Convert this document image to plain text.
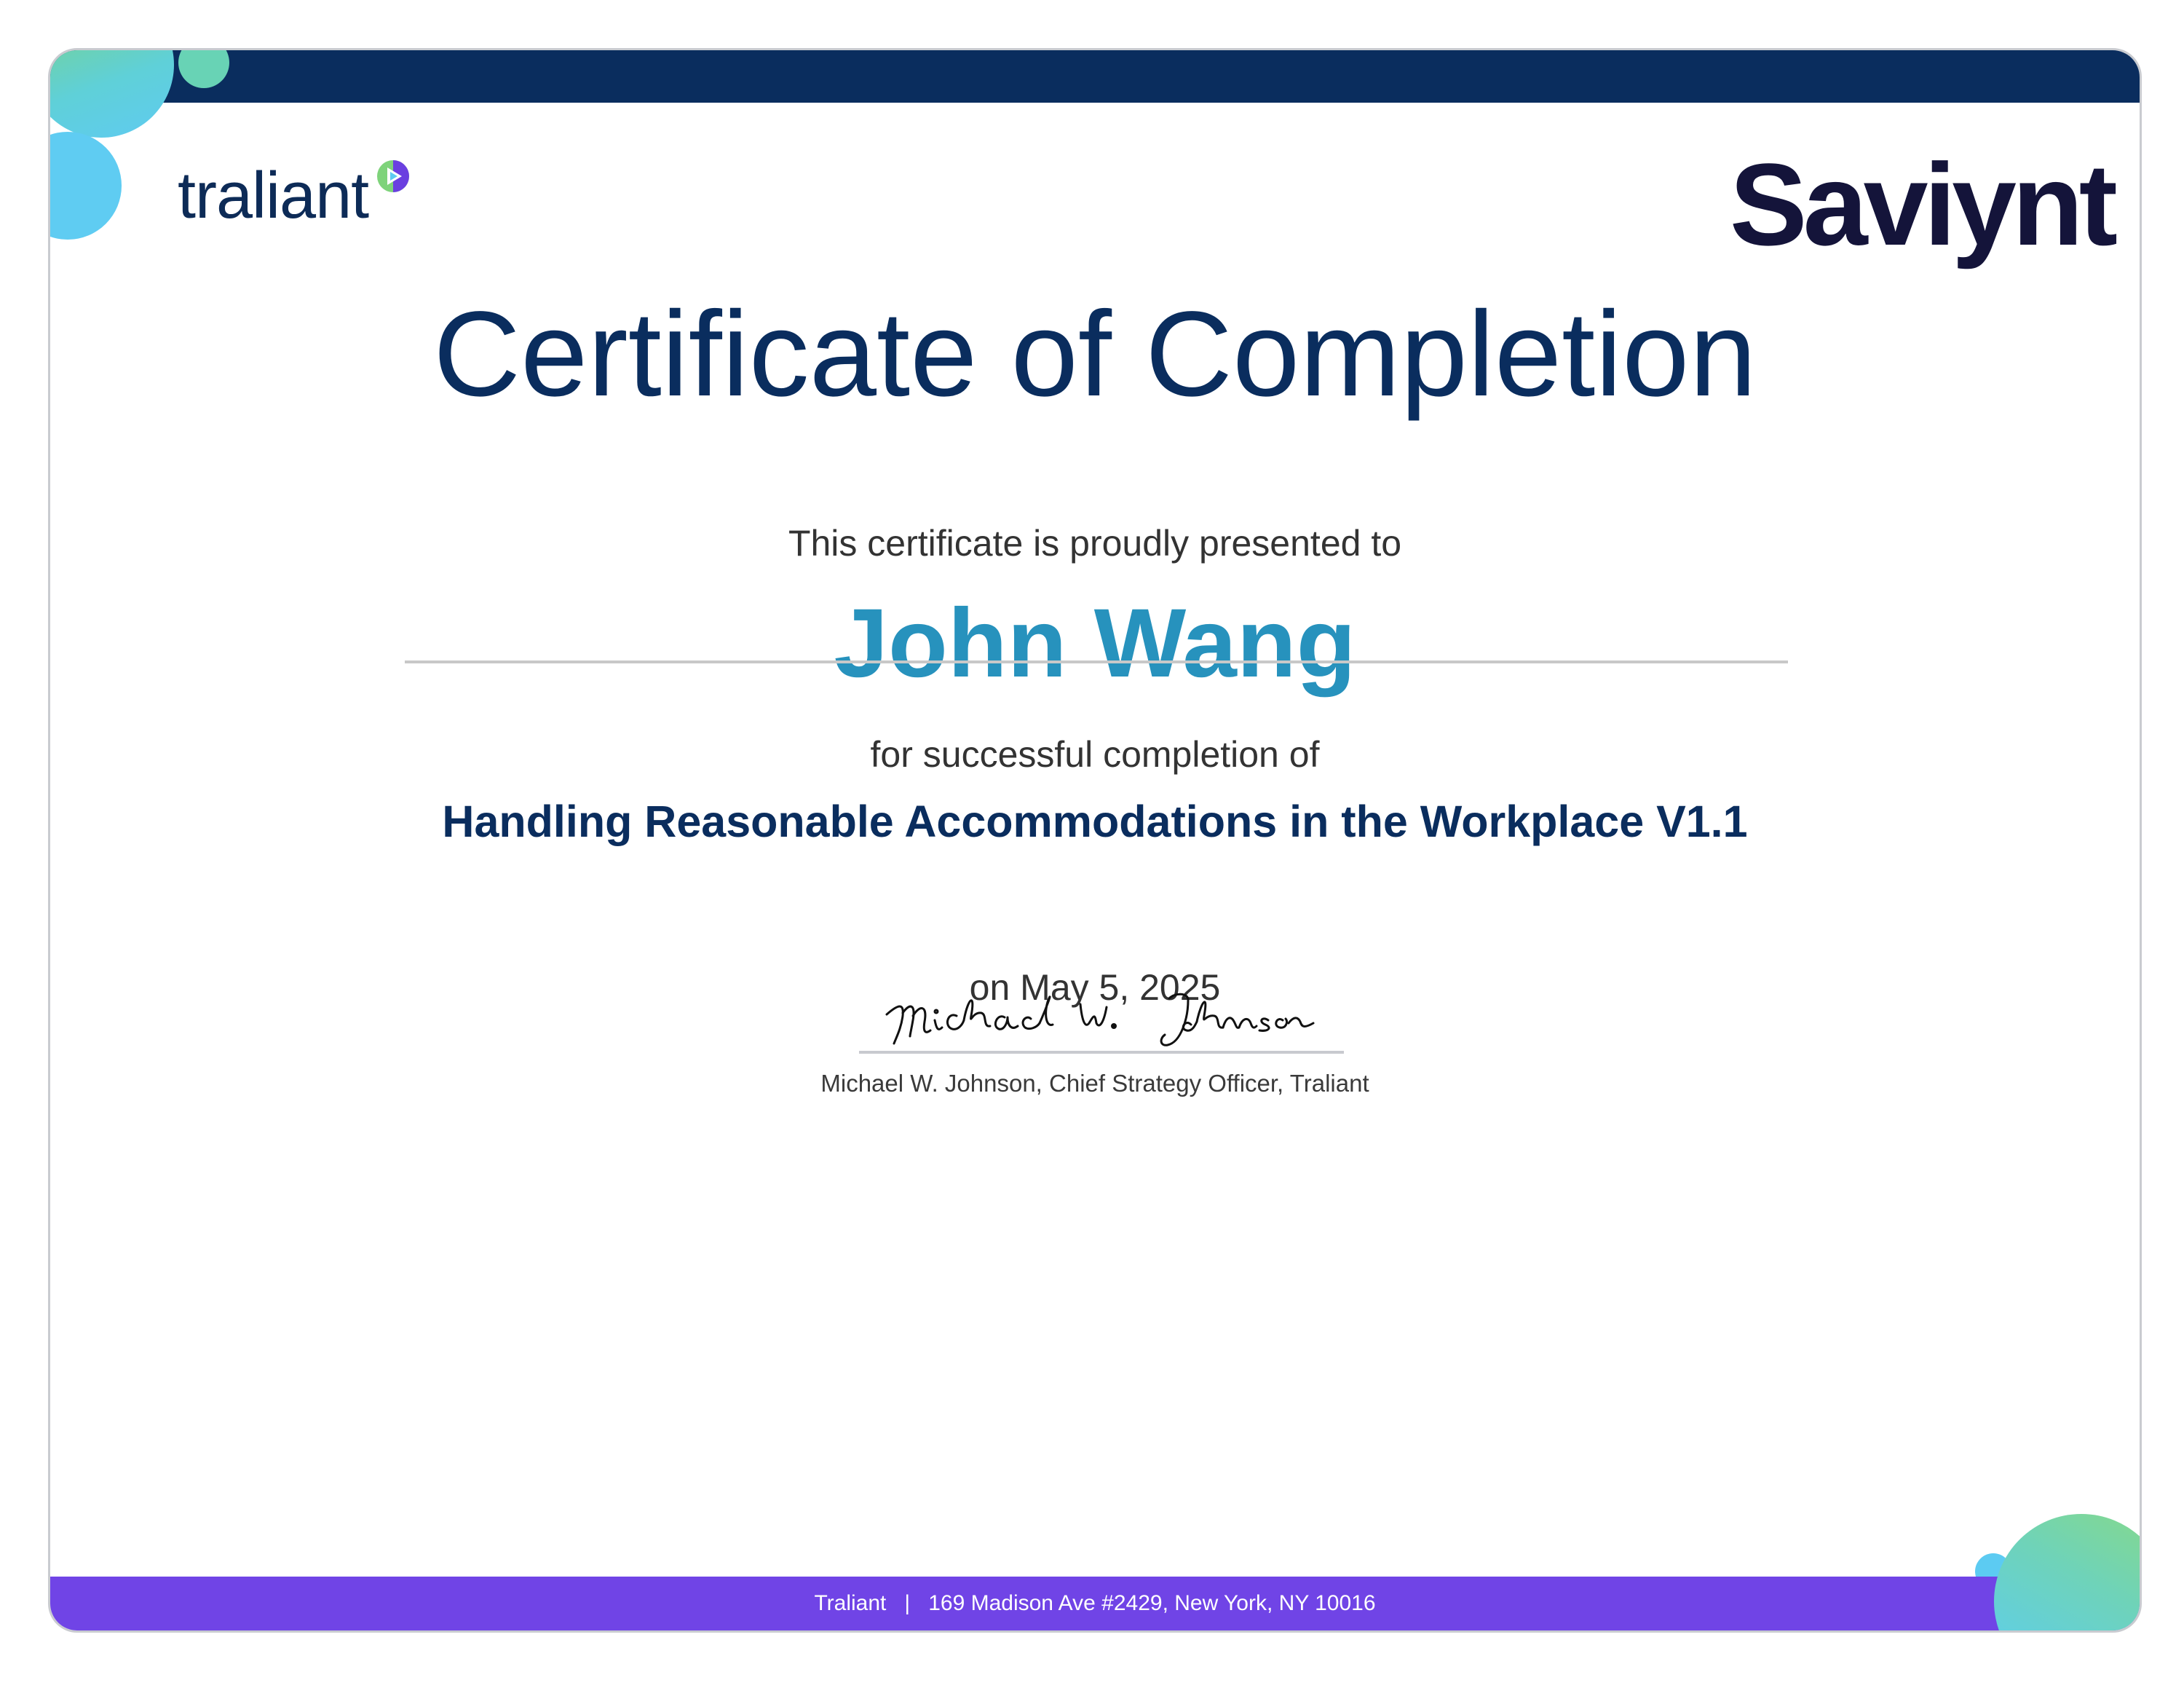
traliant	Saviynt
Certificate of Completion
This certificate is proudly presented to
John Wang
for successful completion of
Handling Reasonable Accommodations in the Workplace V1.1
on May 5, 2025
Michael W. Johnson, Chief Strategy Officer, Traliant
Traliant
|
169 Madison Ave #2429, New York, NY 10016
